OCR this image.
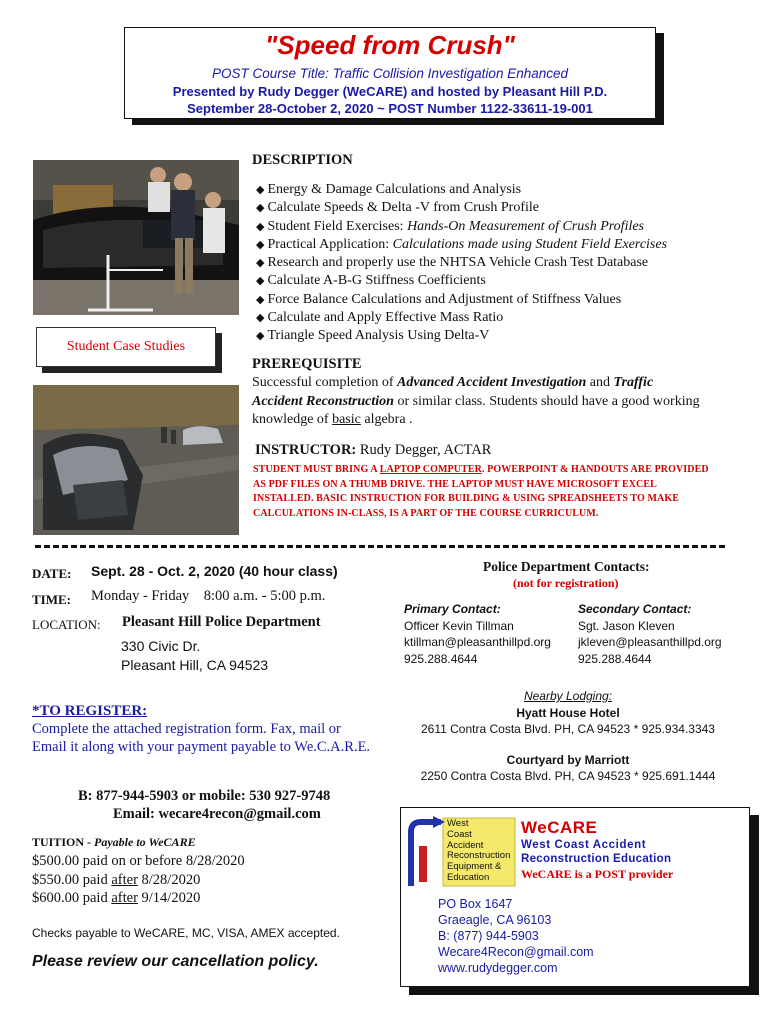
"Speed from Crush"
POST Course Title: Traffic Collision Investigation Enhanced
Presented by Rudy Degger (WeCARE) and hosted by Pleasant Hill P.D.
September 28-October 2, 2020 ~ POST Number 1122-33611-19-001
Student Case Studies
DESCRIPTION
◆ Energy & Damage Calculations and Analysis
◆ Calculate Speeds & Delta -V from Crush Profile
◆ Student Field Exercises: Hands-On Measurement of Crush Profiles
◆ Practical Application: Calculations made using Student Field Exercises
◆ Research and properly use the NHTSA Vehicle Crash Test Database
◆ Calculate A-B-G Stiffness Coefficients
◆ Force Balance Calculations and Adjustment of Stiffness Values
◆ Calculate and Apply Effective Mass Ratio
◆ Triangle Speed Analysis Using Delta-V
PREREQUISITE
Successful completion of Advanced Accident Investigation and Traffic Accident Reconstruction or similar class. Students should have a good working knowledge of basic algebra .
INSTRUCTOR: Rudy Degger, ACTAR
STUDENT MUST BRING A LAPTOP COMPUTER. POWERPOINT & HANDOUTS ARE PROVIDED AS PDF FILES ON A THUMB DRIVE. THE LAPTOP MUST HAVE MICROSOFT EXCEL INSTALLED. BASIC INSTRUCTION FOR BUILDING & USING SPREADSHEETS TO MAKE CALCULATIONS IN-CLASS, IS A PART OF THE COURSE CURRICULUM.
DATE: Sept. 28 - Oct. 2, 2020 (40 hour class)
TIME: Monday - Friday    8:00 a.m. - 5:00 p.m.
LOCATION: Pleasant Hill Police Department
330 Civic Dr.
Pleasant Hill, CA 94523
Police Department Contacts:
(not for registration)
Primary Contact:
Officer Kevin Tillman
ktillman@pleasanthillpd.org
925.288.4644
Secondary Contact:
Sgt. Jason Kleven
jkleven@pleasanthillpd.org
925.288.4644
Nearby Lodging:
Hyatt House Hotel
2611 Contra Costa Blvd. PH, CA 94523 * 925.934.3343
Courtyard by Marriott
2250 Contra Costa Blvd. PH, CA 94523 * 925.691.1444
*TO REGISTER:
Complete the attached registration form. Fax, mail or
Email it along with your payment payable to We.C.A.R.E.
B: 877-944-5903 or mobile: 530 927-9748
Email: wecare4recon@gmail.com
TUITION - Payable to WeCARE
$500.00 paid on or before 8/28/2020
$550.00 paid after 8/28/2020
$600.00 paid after 9/14/2020
Checks payable to WeCARE, MC, VISA, AMEX accepted.
Please review our cancellation policy.
West
Coast
Accident
Reconstruction
Equipment &
Education
WeCARE
West Coast Accident
Reconstruction Education
WeCARE is a POST provider
PO Box 1647
Graeagle, CA 96103
B: (877) 944-5903
Wecare4Recon@gmail.com
www.rudydegger.com
